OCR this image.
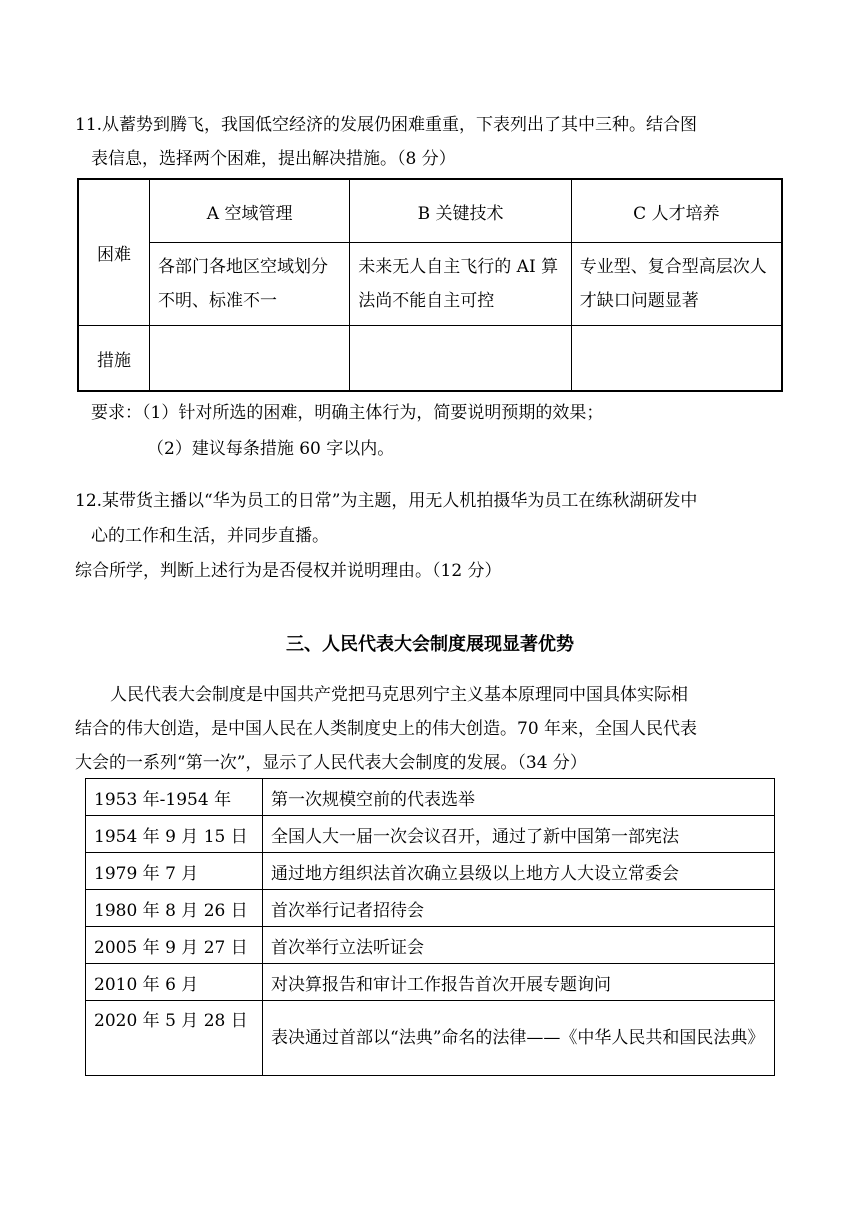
11.从蓄势到腾飞，我国低空经济的发展仍困难重重，下表列出了其中三种。结合图
表信息，选择两个困难，提出解决措施。（8 分）
困难	A 空域管理	B 关键技术	C 人才培养
	各部门各地区空域划分不明、标准不一	未来无人自主飞行的 AI 算法尚不能自主可控	专业型、复合型高层次人才缺口问题显著
措施			
要求：（1）针对所选的困难，明确主体行为，简要说明预期的效果；
（2）建议每条措施 60 字以内。
12.某带货主播以“华为员工的日常”为主题，用无人机拍摄华为员工在练秋湖研发中
心的工作和生活，并同步直播。
综合所学，判断上述行为是否侵权并说明理由。（12 分）
三、人民代表大会制度展现显著优势
人民代表大会制度是中国共产党把马克思列宁主义基本原理同中国具体实际相
结合的伟大创造，是中国人民在人类制度史上的伟大创造。70 年来，全国人民代表
大会的一系列“第一次”，显示了人民代表大会制度的发展。（34 分）
1953 年-1954 年	第一次规模空前的代表选举
1954 年 9 月 15 日	全国人大一届一次会议召开，通过了新中国第一部宪法
1979 年 7 月	通过地方组织法首次确立县级以上地方人大设立常委会
1980 年 8 月 26 日	首次举行记者招待会
2005 年 9 月 27 日	首次举行立法听证会
2010 年 6 月	对决算报告和审计工作报告首次开展专题询问
2020 年 5 月 28 日	表决通过首部以“法典”命名的法律——《中华人民共和国民法典》
